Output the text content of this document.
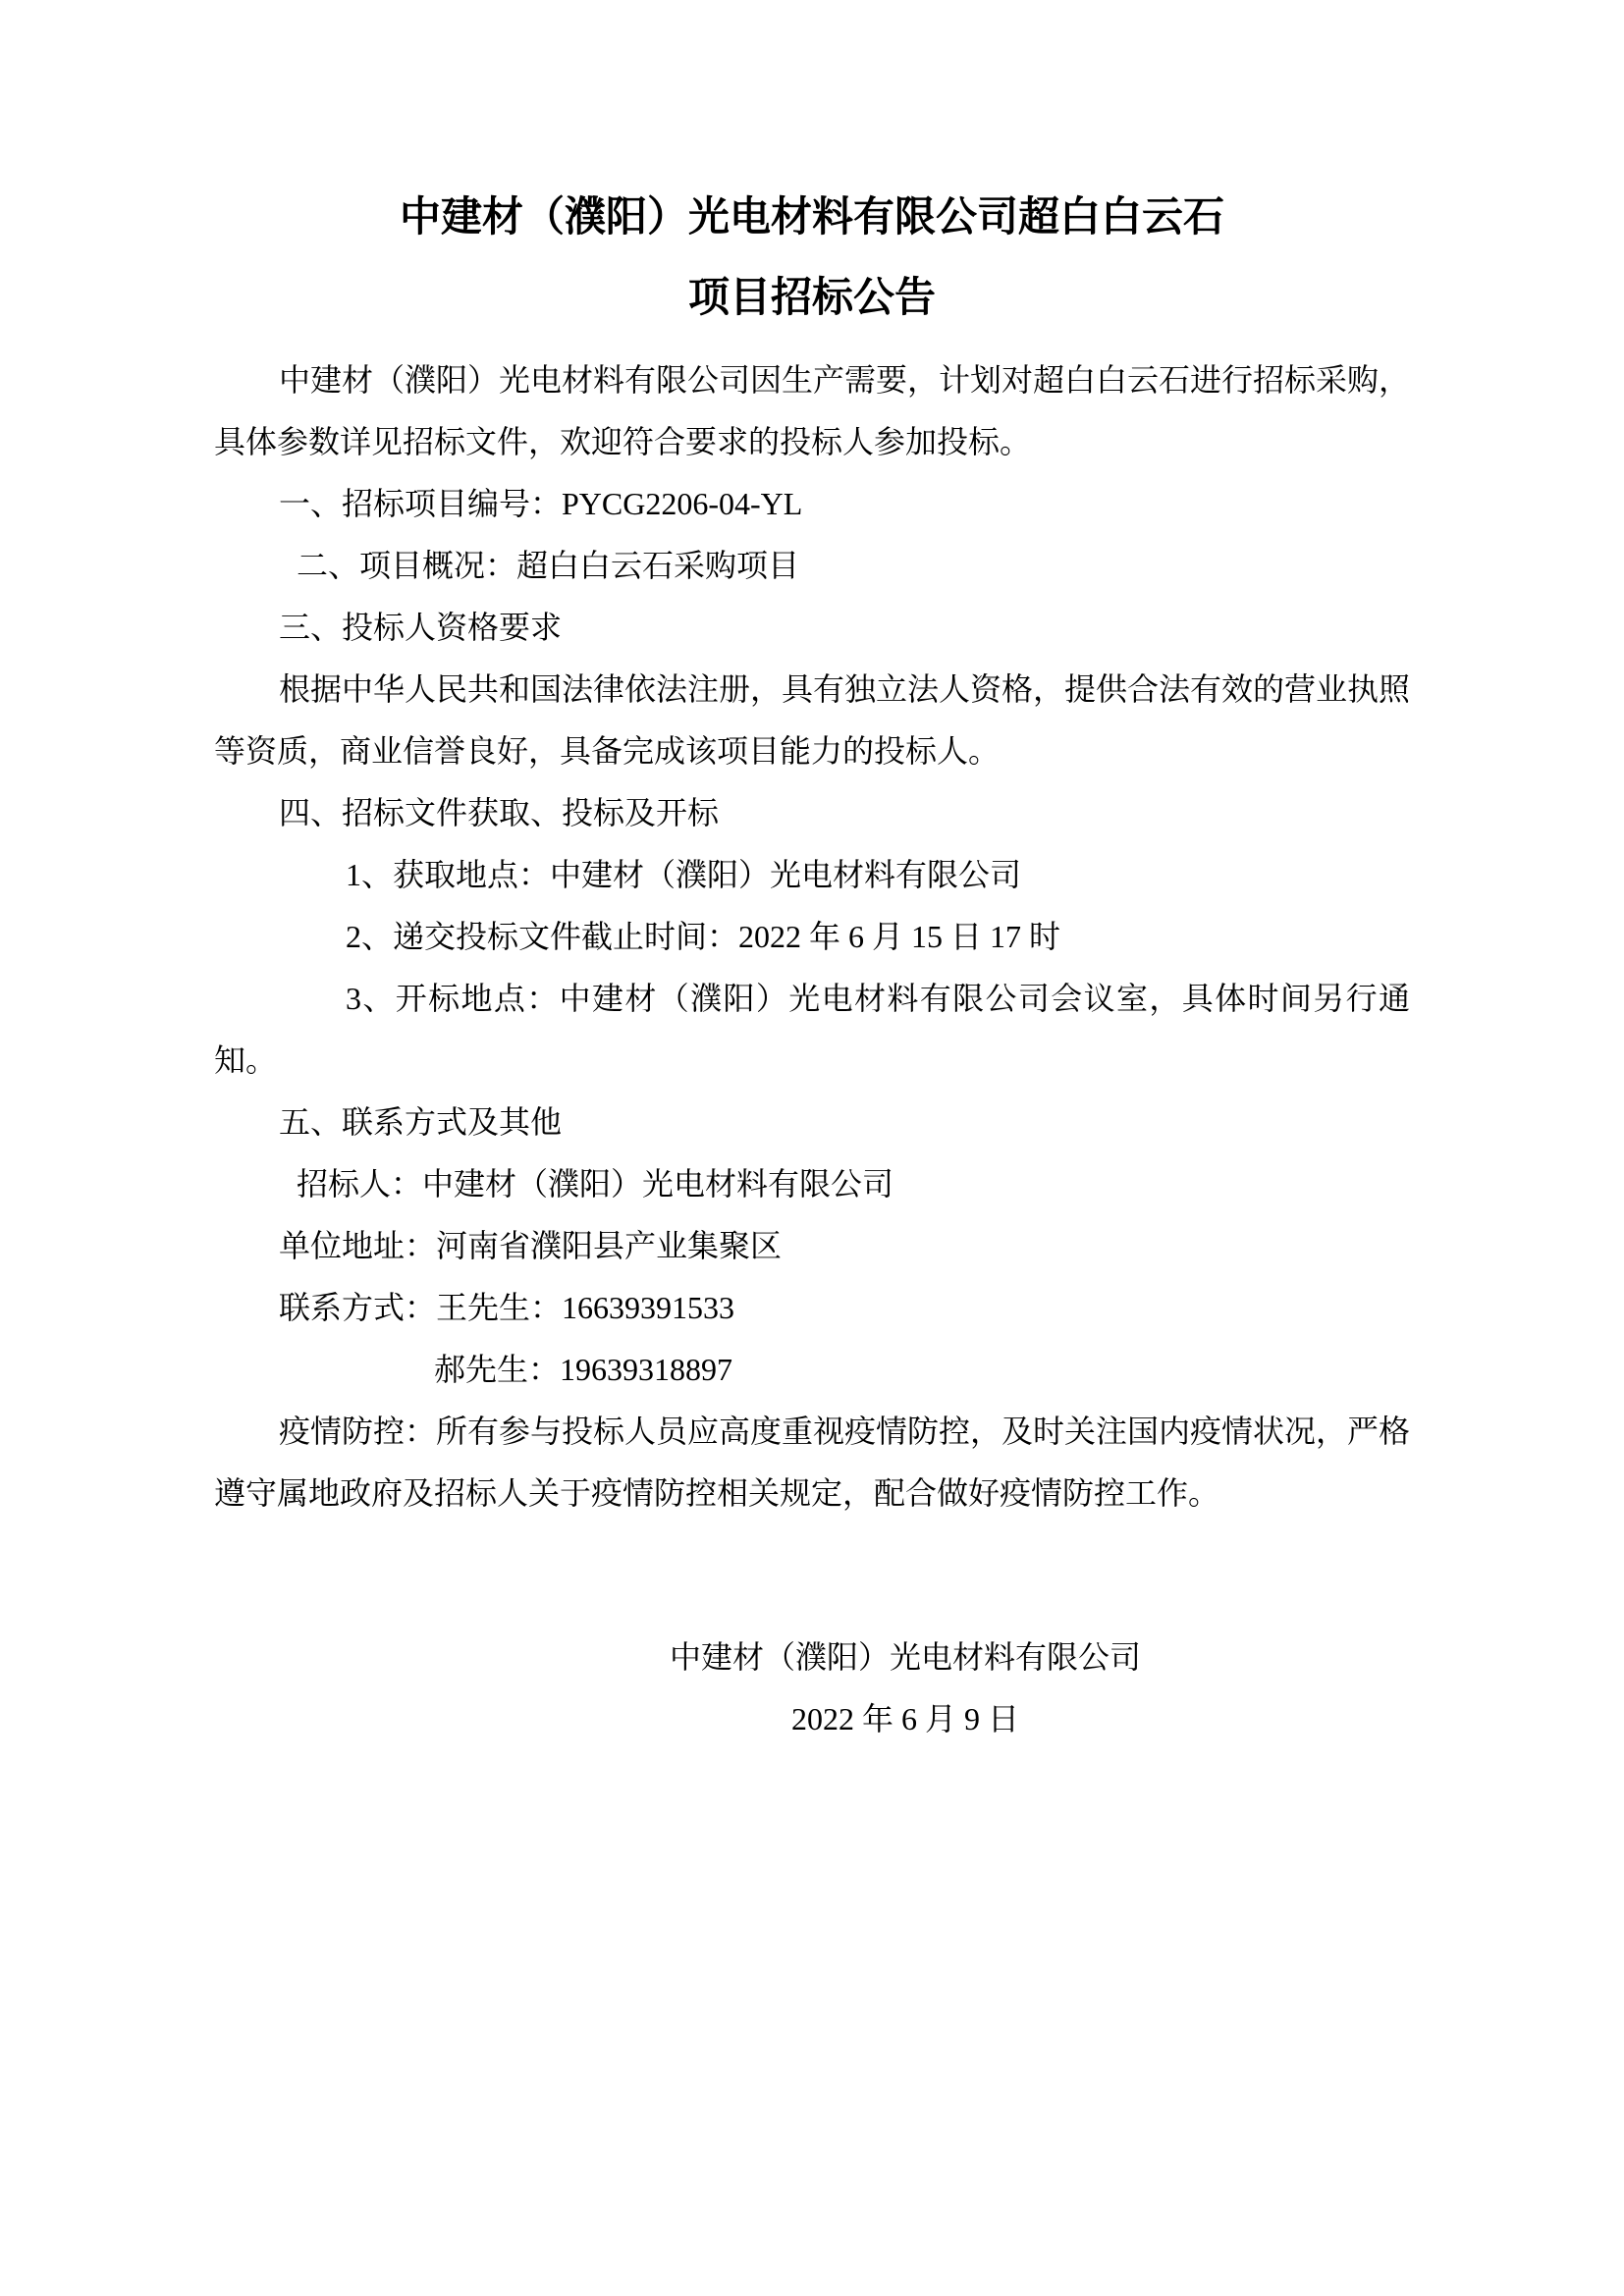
中建材（濮阳）光电材料有限公司超白白云石
项目招标公告

中建材（濮阳）光电材料有限公司因生产需要，计划对超白白云石进行招标采购，具体参数详见招标文件，欢迎符合要求的投标人参加投标。

一、招标项目编号：PYCG2206-04-YL

二、项目概况：超白白云石采购项目

三、投标人资格要求

根据中华人民共和国法律依法注册，具有独立法人资格，提供合法有效的营业执照等资质，商业信誉良好，具备完成该项目能力的投标人。

四、招标文件获取、投标及开标

1、获取地点：中建材（濮阳）光电材料有限公司

2、递交投标文件截止时间：2022 年 6 月 15 日 17 时

3、开标地点：中建材（濮阳）光电材料有限公司会议室，具体时间另行通知。

五、联系方式及其他

招标人：中建材（濮阳）光电材料有限公司

单位地址：河南省濮阳县产业集聚区

联系方式：王先生：16639391533

郝先生：19639318897

疫情防控：所有参与投标人员应高度重视疫情防控，及时关注国内疫情状况，严格遵守属地政府及招标人关于疫情防控相关规定，配合做好疫情防控工作。

中建材（濮阳）光电材料有限公司

2022 年 6 月 9 日
